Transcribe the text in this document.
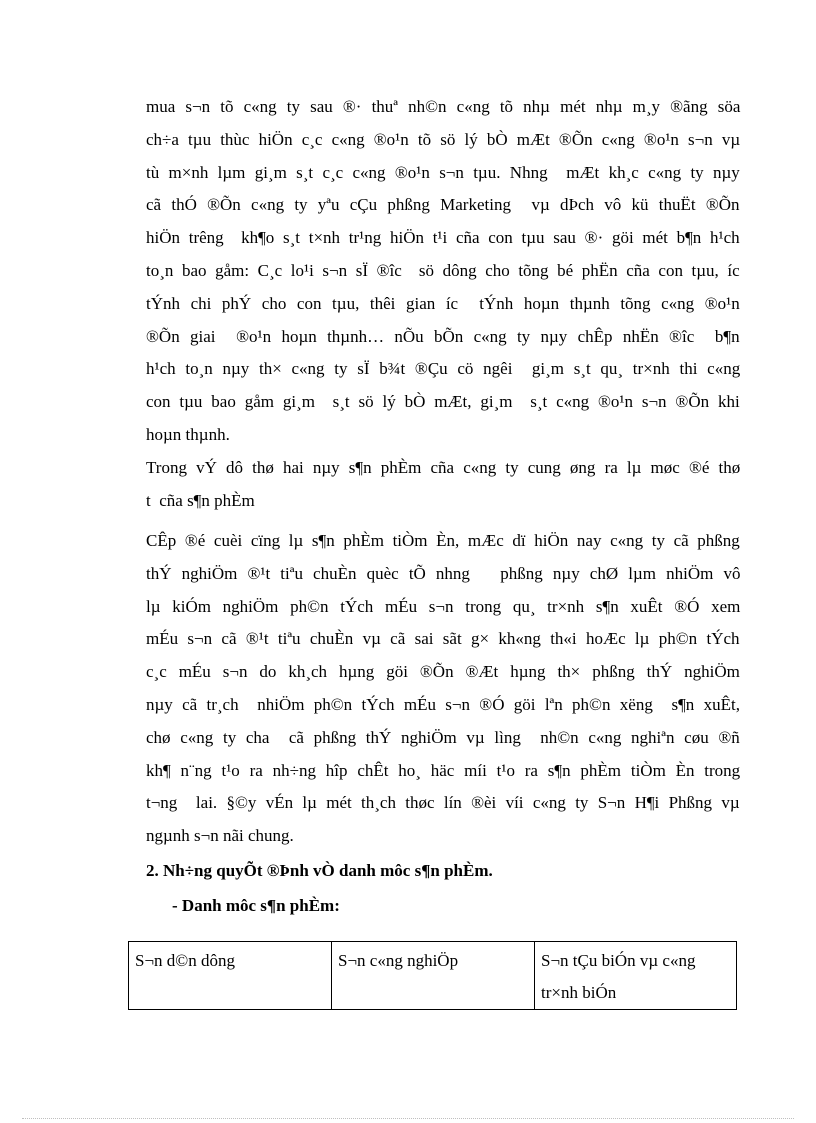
mua s¬n tõ c«ng ty sau ®· thuª nh©n c«ng tõ nhµ mét nhµ m¸y ®ãng söa
ch÷a tµu thùc hiÖn c¸c c«ng ®o¹n tõ sö lý bÒ mÆt ®Õn c«ng ®o¹n s¬n vµ
tù m×nh lµm gi¸m s¸t c¸c c«ng ®o¹n s¬n tµu. Nhng  mÆt kh¸c c«ng ty nµy
cã thÓ ®Õn c«ng ty yªu cÇu phßng Marketing  vµ dÞch vô kü thuËt ®Õn
hiÖn trêng  kh¶o s¸t t×nh tr¹ng hiÖn t¹i cña con tµu sau ®· göi mét b¶n h¹ch
to¸n bao gåm: C¸c lo¹i s¬n sÏ ®îc  sö dông cho tõng bé phËn cña con tµu, íc
tÝnh chi phÝ cho con tµu, thêi gian íc  tÝnh hoµn thµnh tõng c«ng ®o¹n
®Õn giai  ®o¹n hoµn thµnh… nÕu bÕn c«ng ty nµy chÊp nhËn ®îc  b¶n
h¹ch to¸n nµy th× c«ng ty sÏ b¾t ®Çu cö ngêi  gi¸m s¸t qu¸ tr×nh thi c«ng
con tµu bao gåm gi¸m  s¸t sö lý bÒ mÆt, gi¸m  s¸t c«ng ®o¹n s¬n ®Õn khi
hoµn thµnh.
Trong vÝ dô thø hai nµy s¶n phÈm cña c«ng ty cung øng ra lµ møc ®é thø
t  cña s¶n phÈm
CÊp ®é cuèi cïng lµ s¶n phÈm tiÒm Èn, mÆc dï hiÖn nay c«ng ty cã phßng
thÝ nghiÖm ®¹t tiªu chuÈn quèc tÕ nhng   phßng nµy chØ lµm nhiÖm vô
lµ kiÓm nghiÖm ph©n tÝch mÉu s¬n trong qu¸ tr×nh s¶n xuÊt ®Ó xem
mÉu s¬n cã ®¹t tiªu chuÈn vµ cã sai sãt g× kh«ng th«i hoÆc lµ ph©n tÝch
c¸c mÉu s¬n do kh¸ch hµng göi ®Õn ®Æt hµng th× phßng thÝ nghiÖm
nµy cã tr¸ch  nhiÖm ph©n tÝch mÉu s¬n ®Ó göi lªn ph©n xëng  s¶n xuÊt,
chø c«ng ty cha  cã phßng thÝ nghiÖm vµ lìng  nh©n c«ng nghiªn cøu ®ñ
kh¶ n¨ng t¹o ra nh÷ng hîp chÊt ho¸ häc míi t¹o ra s¶n phÈm tiÒm Èn trong
t¬ng  lai. §©y vÉn lµ mét th¸ch thøc lín ®èi víi c«ng ty S¬n H¶i Phßng vµ
ngµnh s¬n nãi chung.
2. Nh÷ng quyÕt ®Þnh vÒ danh môc s¶n phÈm.
- Danh môc s¶n phÈm:
S¬n d©n dông	S¬n c«ng nghiÖp	S¬n tÇu biÓn vµ c«ng tr×nh biÓn
